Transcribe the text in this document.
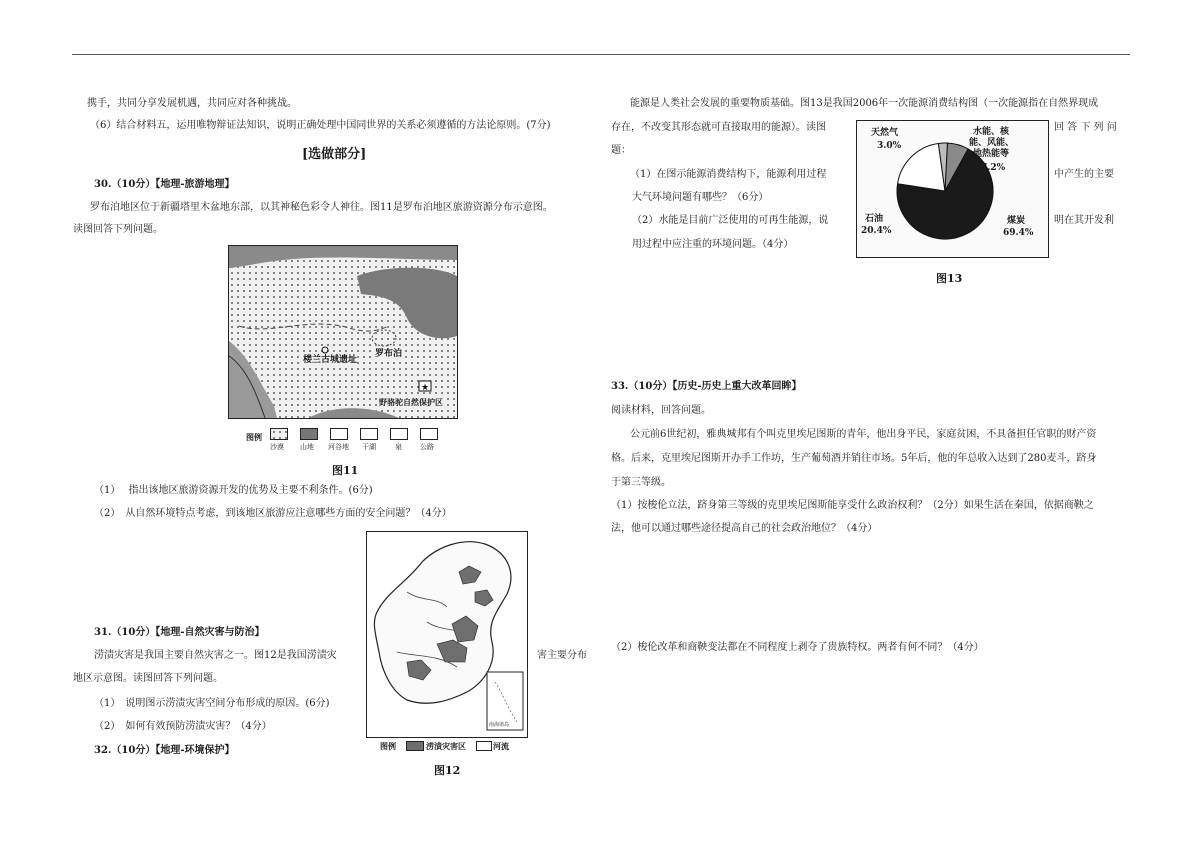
携手，共同分享发展机遇，共同应对各种挑战。
（6）结合材料五，运用唯物辩证法知识，说明正确处理中国同世界的关系必须遵循的方法论原则。(7分)
[选做部分]
30.（10分）【地理-旅游地理】
罗布泊地区位于新疆塔里木盆地东部，以其神秘色彩令人神往。图11是罗布泊地区旅游资源分布示意图。
读图回答下列问题。
★
楼兰古城遗址
罗布泊
野骆驼自然保护区
图例
沙漠 山地 河谷地 干湖	泉	公路
图11
（1）　 指出该地区旅游资源开发的优势及主要不利条件。(6分)
（2）　从自然环境特点考虑，到该地区旅游应注意哪些方面的安全问题？（4分）
南海诸岛
图例	涝渍灾害区	河流
图12
31.（10分）【地理-自然灾害与防治】
涝渍灾害是我国主要自然灾害之一。图12是我国涝渍灾	害主要分布
地区示意图。读图回答下列问题。
（1）　说明图示涝渍灾害空间分布形成的原因。(6分)
（2）　如何有效预防涝渍灾害？（4分）
32.（10分）【地理-环境保护】
能源是人类社会发展的重要物质基础。图13是我国2006年一次能源消费结构图（一次能源指在自然界现成
存在，不改变其形态就可直接取用的能源）。读图	回 答 下 列 问
题：
（1）在图示能源消费结构下，能源利用过程	中产生的主要
大气环境问题有哪些？（6分）
（2）水能是目前广泛使用的可再生能源，说	明在其开发利
用过程中应注重的环境问题。（4分）
天然气
3.0%
水能、核
能、风能、
地热能等
7.2%
石油
20.4%
煤炭
69.4%
图13
33.（10分）【历史-历史上重大改革回眸】
阅读材料，回答问题。
公元前6世纪初，雅典城邦有个叫克里埃尼图斯的青年，他出身平民，家庭贫困，不具备担任官职的财产资
格。后来，克里埃尼图斯开办手工作坊，生产葡萄酒并销往市场。5年后，他的年总收入达到了280麦斗，跻身
于第三等级。
（1）按梭伦立法，跻身第三等级的克里埃尼图斯能享受什么政治权利？（2分）如果生活在秦国，依据商鞅之
法，他可以通过哪些途径提高自己的社会政治地位？（4分）
（2）梭伦改革和商鞅变法都在不同程度上剥夺了贵族特权。两者有何不同？（4分）
